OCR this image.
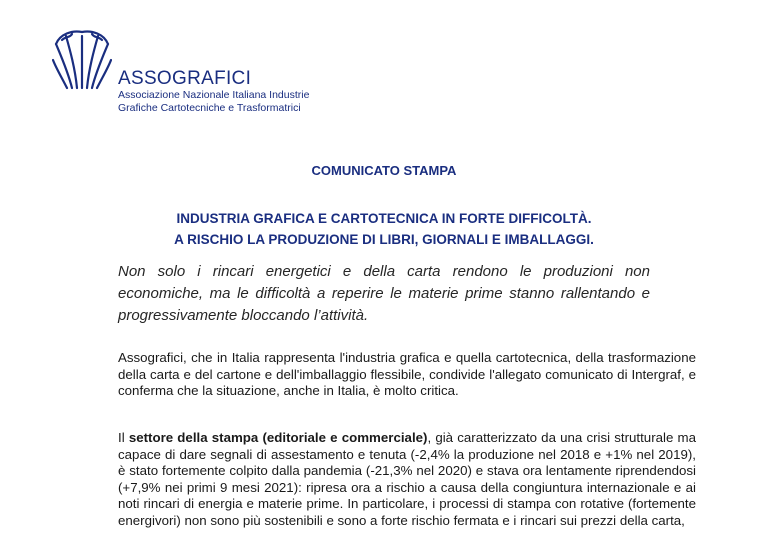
ASSOGRAFICI
Associazione Nazionale Italiana Industrie
Grafiche Cartotecniche e Trasformatrici
COMUNICATO STAMPA
INDUSTRIA GRAFICA E CARTOTECNICA IN FORTE DIFFICOLTÀ.
A RISCHIO LA PRODUZIONE DI LIBRI, GIORNALI E IMBALLAGGI.
Non solo i rincari energetici e della carta rendono le produzioni non economiche, ma le difficoltà a reperire le materie prime stanno rallentando e progressivamente bloccando l’attività.

Assografici, che in Italia rappresenta l'industria grafica e quella cartotecnica, della trasformazione della carta e del cartone e dell'imballaggio flessibile, condivide l'allegato comunicato di Intergraf, e conferma che la situazione, anche in Italia, è molto critica.

Il settore della stampa (editoriale e commerciale), già caratterizzato da una crisi strutturale ma capace di dare segnali di assestamento e tenuta (-2,4% la produzione nel 2018 e +1% nel 2019), è stato fortemente colpito dalla pandemia (-21,3% nel 2020) e stava ora lentamente riprendendosi (+7,9% nei primi 9 mesi 2021): ripresa ora a rischio a causa della congiuntura internazionale e ai noti rincari di energia e materie prime. In particolare, i processi di stampa con rotative (fortemente energivori) non sono più sostenibili e sono a forte rischio fermata e i rincari sui prezzi della carta,
